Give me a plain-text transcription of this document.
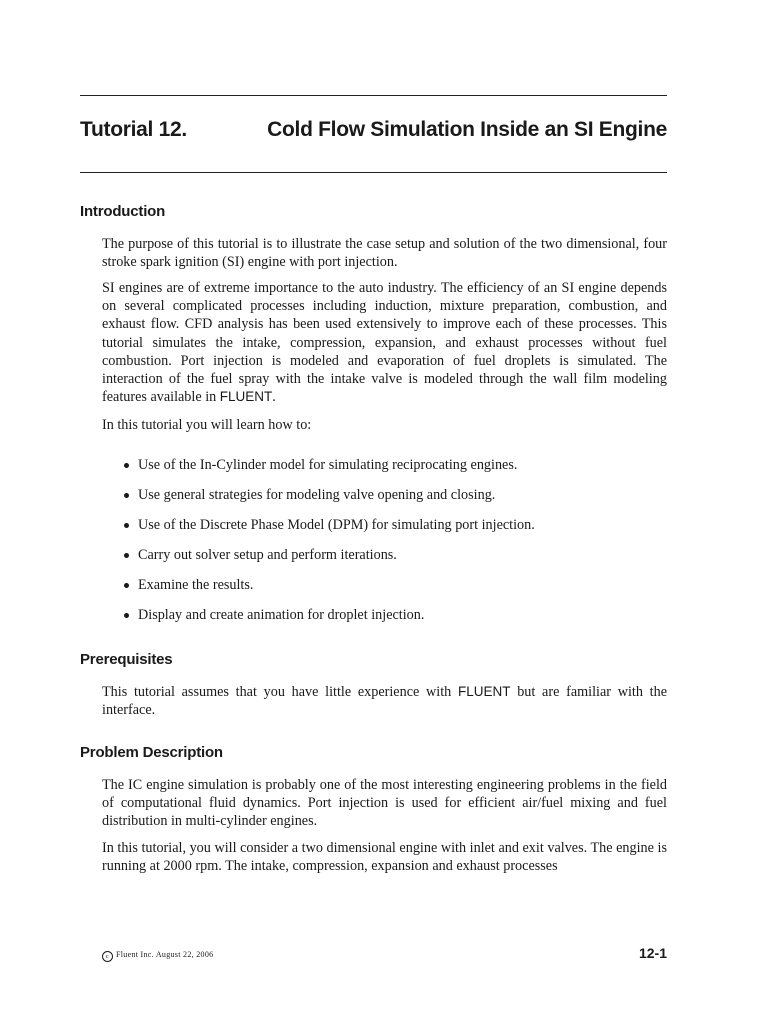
Tutorial 12.	Cold Flow Simulation Inside an SI Engine
Introduction

The purpose of this tutorial is to illustrate the case setup and solution of the two dimensional, four stroke spark ignition (SI) engine with port injection.

SI engines are of extreme importance to the auto industry. The efficiency of an SI engine depends on several complicated processes including induction, mixture preparation, combustion, and exhaust flow. CFD analysis has been used extensively to improve each of these processes. This tutorial simulates the intake, compression, expansion, and exhaust processes without fuel combustion. Port injection is modeled and evaporation of fuel droplets is simulated. The interaction of the fuel spray with the intake valve is modeled through the wall film modeling features available in FLUENT.

In this tutorial you will learn how to:

Use of the In-Cylinder model for simulating reciprocating engines.
Use general strategies for modeling valve opening and closing.
Use of the Discrete Phase Model (DPM) for simulating port injection.
Carry out solver setup and perform iterations.
Examine the results.
Display and create animation for droplet injection.
Prerequisites

This tutorial assumes that you have little experience with FLUENT but are familiar with the interface.

Problem Description

The IC engine simulation is probably one of the most interesting engineering problems in the field of computational fluid dynamics. Port injection is used for efficient air/fuel mixing and fuel distribution in multi-cylinder engines.

In this tutorial, you will consider a two dimensional engine with inlet and exit valves. The engine is running at 2000 rpm. The intake, compression, expansion and exhaust processes

c Fluent Inc. August 22, 2006	12-1
